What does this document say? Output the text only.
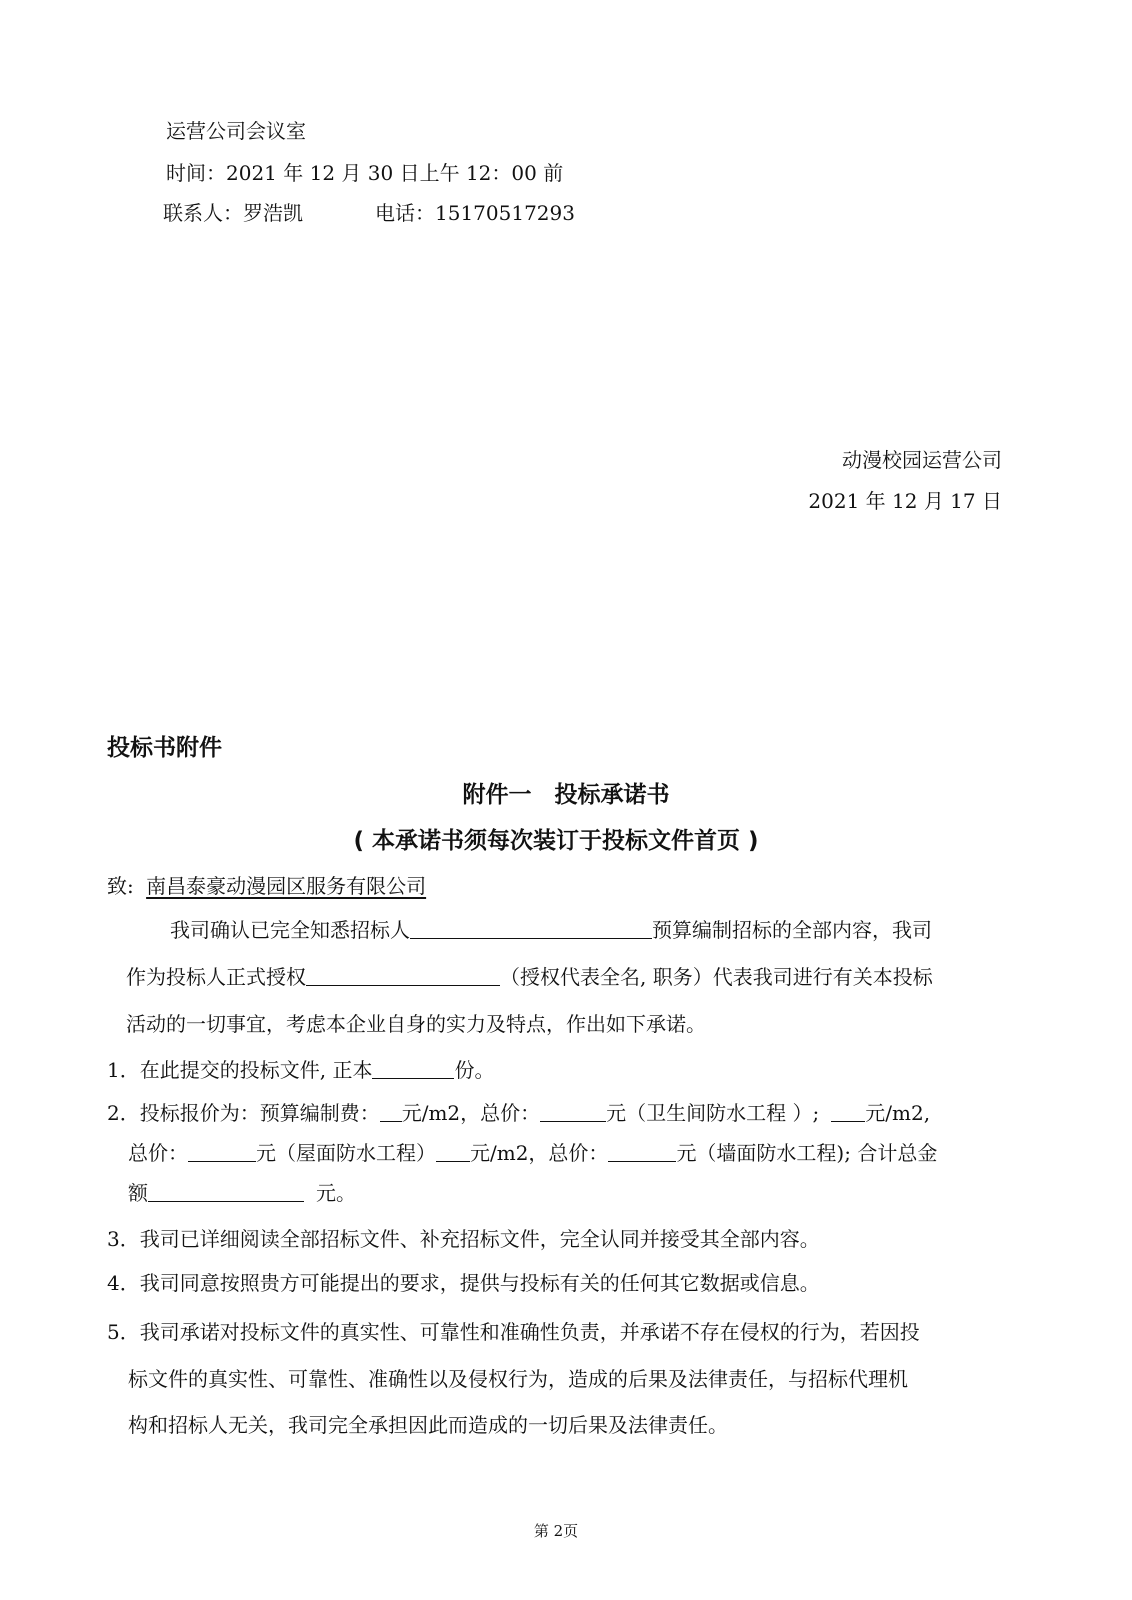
运营公司会议室
时间：2021 年 12 月 30 日上午 12：00 前
联系人：罗浩凯	电话：15170517293
动漫校园运营公司
2021 年 12 月 17 日
投标书附件
附件一　投标承诺书
( 本承诺书须每次装订于投标文件首页 )
致: 南昌泰豪动漫园区服务有限公司
我司确认已完全知悉招标人	预算编制招标的全部内容，我司
作为投标人正式授权	（授权代表全名, 职务）代表我司进行有关本投标
活动的一切事宜，考虑本企业自身的实力及特点，作出如下承诺。
1．在此提交的投标文件, 正本	份。
2．投标报价为：预算编制费： 元/m2，总价：	元（卫生间防水工程 ）; 元/m2,
总价：	元（屋面防水工程） 元/m2，总价：	元（墙面防水工程); 合计总金
额	元。
3．我司已详细阅读全部招标文件、补充招标文件，完全认同并接受其全部内容。
4．我司同意按照贵方可能提出的要求，提供与投标有关的任何其它数据或信息。
5．我司承诺对投标文件的真实性、可靠性和准确性负责，并承诺不存在侵权的行为，若因投
标文件的真实性、可靠性、准确性以及侵权行为，造成的后果及法律责任，与招标代理机
构和招标人无关，我司完全承担因此而造成的一切后果及法律责任。
第 2页
